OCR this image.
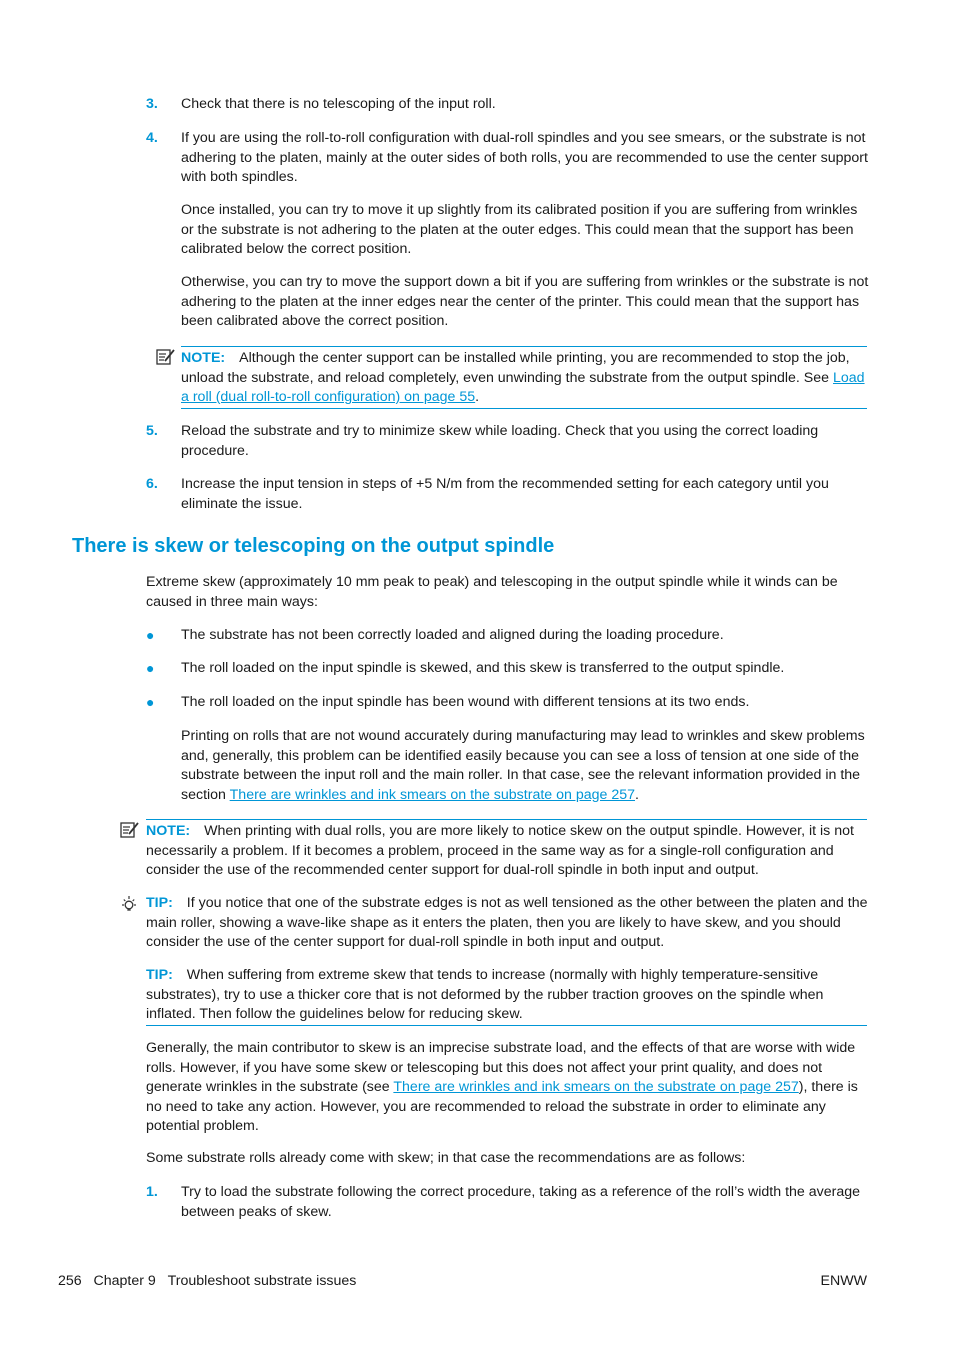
3. Check that there is no telescoping of the input roll.
4. If you are using the roll-to-roll configuration with dual-roll spindles and you see smears, or the substrate is not adhering to the platen, mainly at the outer sides of both rolls, you are recommended to use the center support with both spindles.
Once installed, you can try to move it up slightly from its calibrated position if you are suffering from wrinkles or the substrate is not adhering to the platen at the outer edges. This could mean that the support has been calibrated below the correct position.
Otherwise, you can try to move the support down a bit if you are suffering from wrinkles or the substrate is not adhering to the platen at the inner edges near the center of the printer. This could mean that the support has been calibrated above the correct position.
NOTE: Although the center support can be installed while printing, you are recommended to stop the job, unload the substrate, and reload completely, even unwinding the substrate from the output spindle. See Load a roll (dual roll-to-roll configuration) on page 55.
5. Reload the substrate and try to minimize skew while loading. Check that you using the correct loading procedure.
6. Increase the input tension in steps of +5 N/m from the recommended setting for each category until you eliminate the issue.
There is skew or telescoping on the output spindle
Extreme skew (approximately 10 mm peak to peak) and telescoping in the output spindle while it winds can be caused in three main ways:
● The substrate has not been correctly loaded and aligned during the loading procedure.
● The roll loaded on the input spindle is skewed, and this skew is transferred to the output spindle.
● The roll loaded on the input spindle has been wound with different tensions at its two ends.
Printing on rolls that are not wound accurately during manufacturing may lead to wrinkles and skew problems and, generally, this problem can be identified easily because you can see a loss of tension at one side of the substrate between the input roll and the main roller. In that case, see the relevant information provided in the section There are wrinkles and ink smears on the substrate on page 257.
NOTE: When printing with dual rolls, you are more likely to notice skew on the output spindle. However, it is not necessarily a problem. If it becomes a problem, proceed in the same way as for a single-roll configuration and consider the use of the recommended center support for dual-roll spindle in both input and output.
TIP: If you notice that one of the substrate edges is not as well tensioned as the other between the platen and the main roller, showing a wave-like shape as it enters the platen, then you are likely to have skew, and you should consider the use of the center support for dual-roll spindle in both input and output.
TIP: When suffering from extreme skew that tends to increase (normally with highly temperature-sensitive substrates), try to use a thicker core that is not deformed by the rubber traction grooves on the spindle when inflated. Then follow the guidelines below for reducing skew.
Generally, the main contributor to skew is an imprecise substrate load, and the effects of that are worse with wide rolls. However, if you have some skew or telescoping but this does not affect your print quality, and does not generate wrinkles in the substrate (see There are wrinkles and ink smears on the substrate on page 257), there is no need to take any action. However, you are recommended to reload the substrate in order to eliminate any potential problem.
Some substrate rolls already come with skew; in that case the recommendations are as follows:
1. Try to load the substrate following the correct procedure, taking as a reference of the roll’s width the average between peaks of skew.
256 Chapter 9 Troubleshoot substrate issues	ENWW
